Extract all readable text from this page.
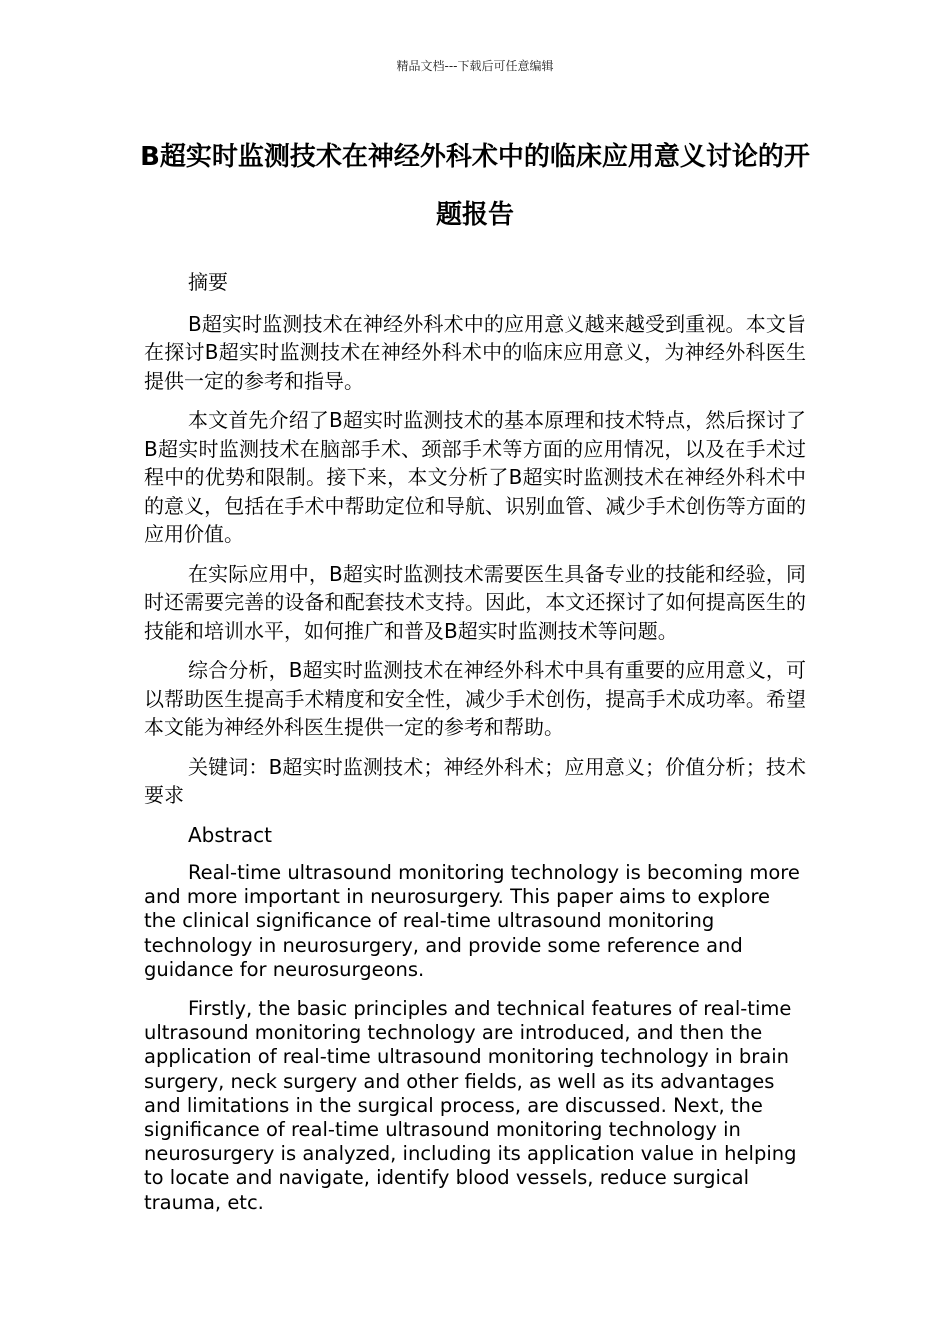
精品文档---下载后可任意编辑
B超实时监测技术在神经外科术中的临床应用意义讨论的开题报告

摘要

B超实时监测技术在神经外科术中的应用意义越来越受到重视。本文旨在探讨B超实时监测技术在神经外科术中的临床应用意义，为神经外科医生提供一定的参考和指导。

本文首先介绍了B超实时监测技术的基本原理和技术特点，然后探讨了B超实时监测技术在脑部手术、颈部手术等方面的应用情况，以及在手术过程中的优势和限制。接下来，本文分析了B超实时监测技术在神经外科术中的意义，包括在手术中帮助定位和导航、识别血管、减少手术创伤等方面的应用价值。

在实际应用中，B超实时监测技术需要医生具备专业的技能和经验，同时还需要完善的设备和配套技术支持。因此，本文还探讨了如何提高医生的技能和培训水平，如何推广和普及B超实时监测技术等问题。

综合分析，B超实时监测技术在神经外科术中具有重要的应用意义，可以帮助医生提高手术精度和安全性，减少手术创伤，提高手术成功率。希望本文能为神经外科医生提供一定的参考和帮助。

关键词：B超实时监测技术；神经外科术；应用意义；价值分析；技术要求

Abstract

Real-time ultrasound monitoring technology is becoming more and more important in neurosurgery. This paper aims to explore the clinical significance of real-time ultrasound monitoring technology in neurosurgery, and provide some reference and guidance for neurosurgeons.

Firstly, the basic principles and technical features of real-time ultrasound monitoring technology are introduced, and then the application of real-time ultrasound monitoring technology in brain surgery, neck surgery and other fields, as well as its advantages and limitations in the surgical process, are discussed. Next, the significance of real-time ultrasound monitoring technology in neurosurgery is analyzed, including its application value in helping to locate and navigate, identify blood vessels, reduce surgical trauma, etc.
